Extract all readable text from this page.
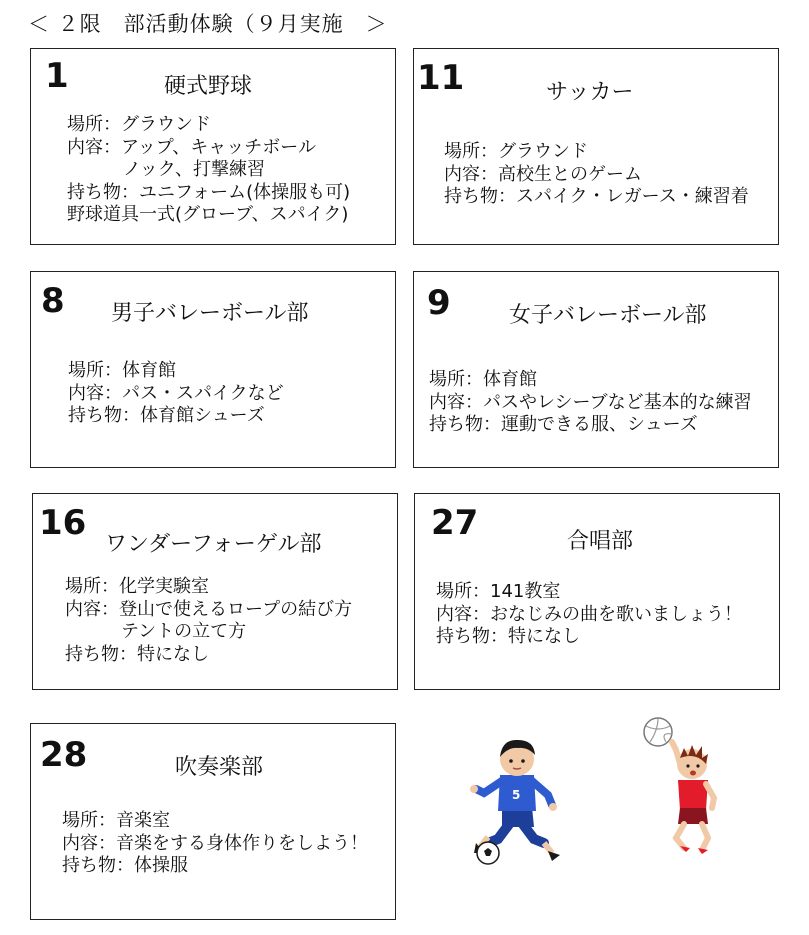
＜ ２限　部活動体験（９月実施　＞
1	硬式野球
場所：グラウンド
内容：アップ、キャッチボール
ノック、打撃練習
持ち物：ユニフォーム(体操服も可)
野球道具一式(グローブ、スパイク)
11	サッカー
場所：グラウンド
内容：高校生とのゲーム
持ち物：スパイク・レガース・練習着
8 男子バレーボール部
場所：体育館
内容：パス・スパイクなど
持ち物：体育館シューズ
9	女子バレーボール部
場所：体育館
内容：パスやレシーブなど基本的な練習
持ち物：運動できる服、シューズ
16
ワンダーフォーゲル部
場所：化学実験室
内容：登山で使えるロープの結び方
テントの立て方
持ち物：特になし
27	合唱部
場所：141教室
内容：おなじみの曲を歌いましょう！
持ち物：特になし
28	吹奏楽部
場所：音楽室
内容：音楽をする身体作りをしよう！
持ち物：体操服
5
